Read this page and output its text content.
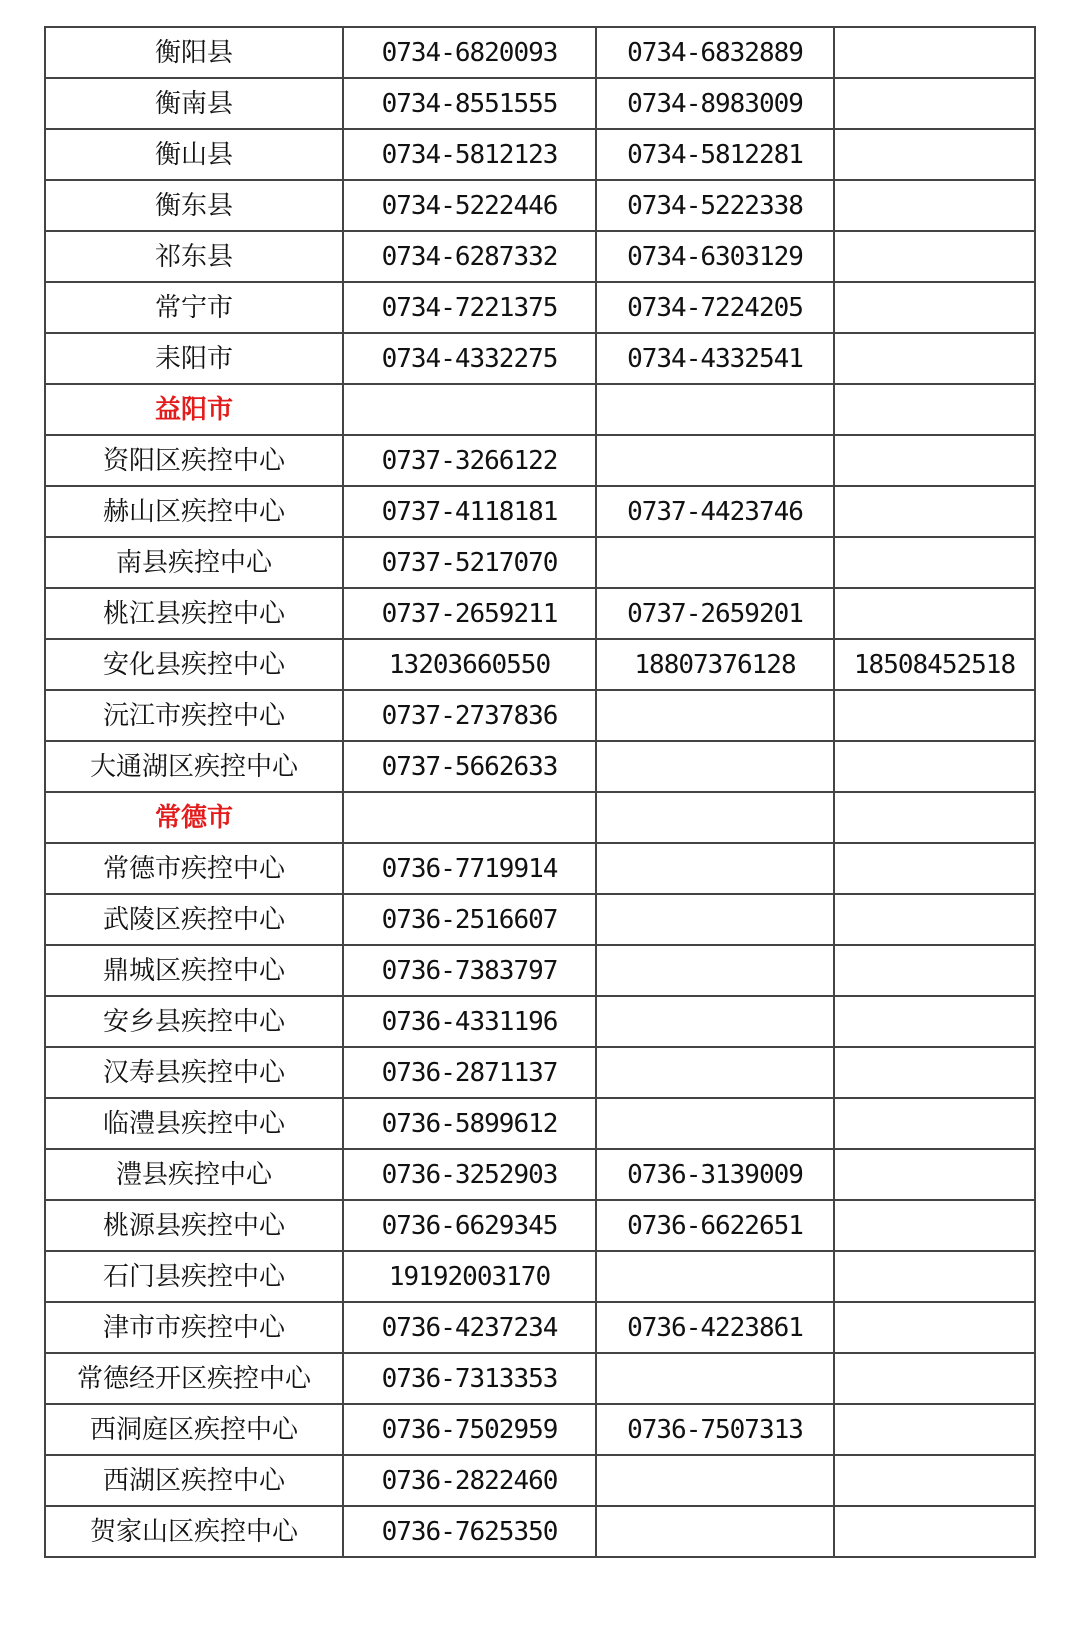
衡阳县	0734-6820093	0734-6832889	
衡南县	0734-8551555	0734-8983009	
衡山县	0734-5812123	0734-5812281	
衡东县	0734-5222446	0734-5222338	
祁东县	0734-6287332	0734-6303129	
常宁市	0734-7221375	0734-7224205	
耒阳市	0734-4332275	0734-4332541	
益阳市			
资阳区疾控中心	0737-3266122		
赫山区疾控中心	0737-4118181	0737-4423746	
南县疾控中心	0737-5217070		
桃江县疾控中心	0737-2659211	0737-2659201	
安化县疾控中心	13203660550	18807376128	18508452518
沅江市疾控中心	0737-2737836		
大通湖区疾控中心	0737-5662633		
常德市			
常德市疾控中心	0736-7719914		
武陵区疾控中心	0736-2516607		
鼎城区疾控中心	0736-7383797		
安乡县疾控中心	0736-4331196		
汉寿县疾控中心	0736-2871137		
临澧县疾控中心	0736-5899612		
澧县疾控中心	0736-3252903	0736-3139009	
桃源县疾控中心	0736-6629345	0736-6622651	
石门县疾控中心	19192003170		
津市市疾控中心	0736-4237234	0736-4223861	
常德经开区疾控中心	0736-7313353		
西洞庭区疾控中心	0736-7502959	0736-7507313	
西湖区疾控中心	0736-2822460		
贺家山区疾控中心	0736-7625350		
